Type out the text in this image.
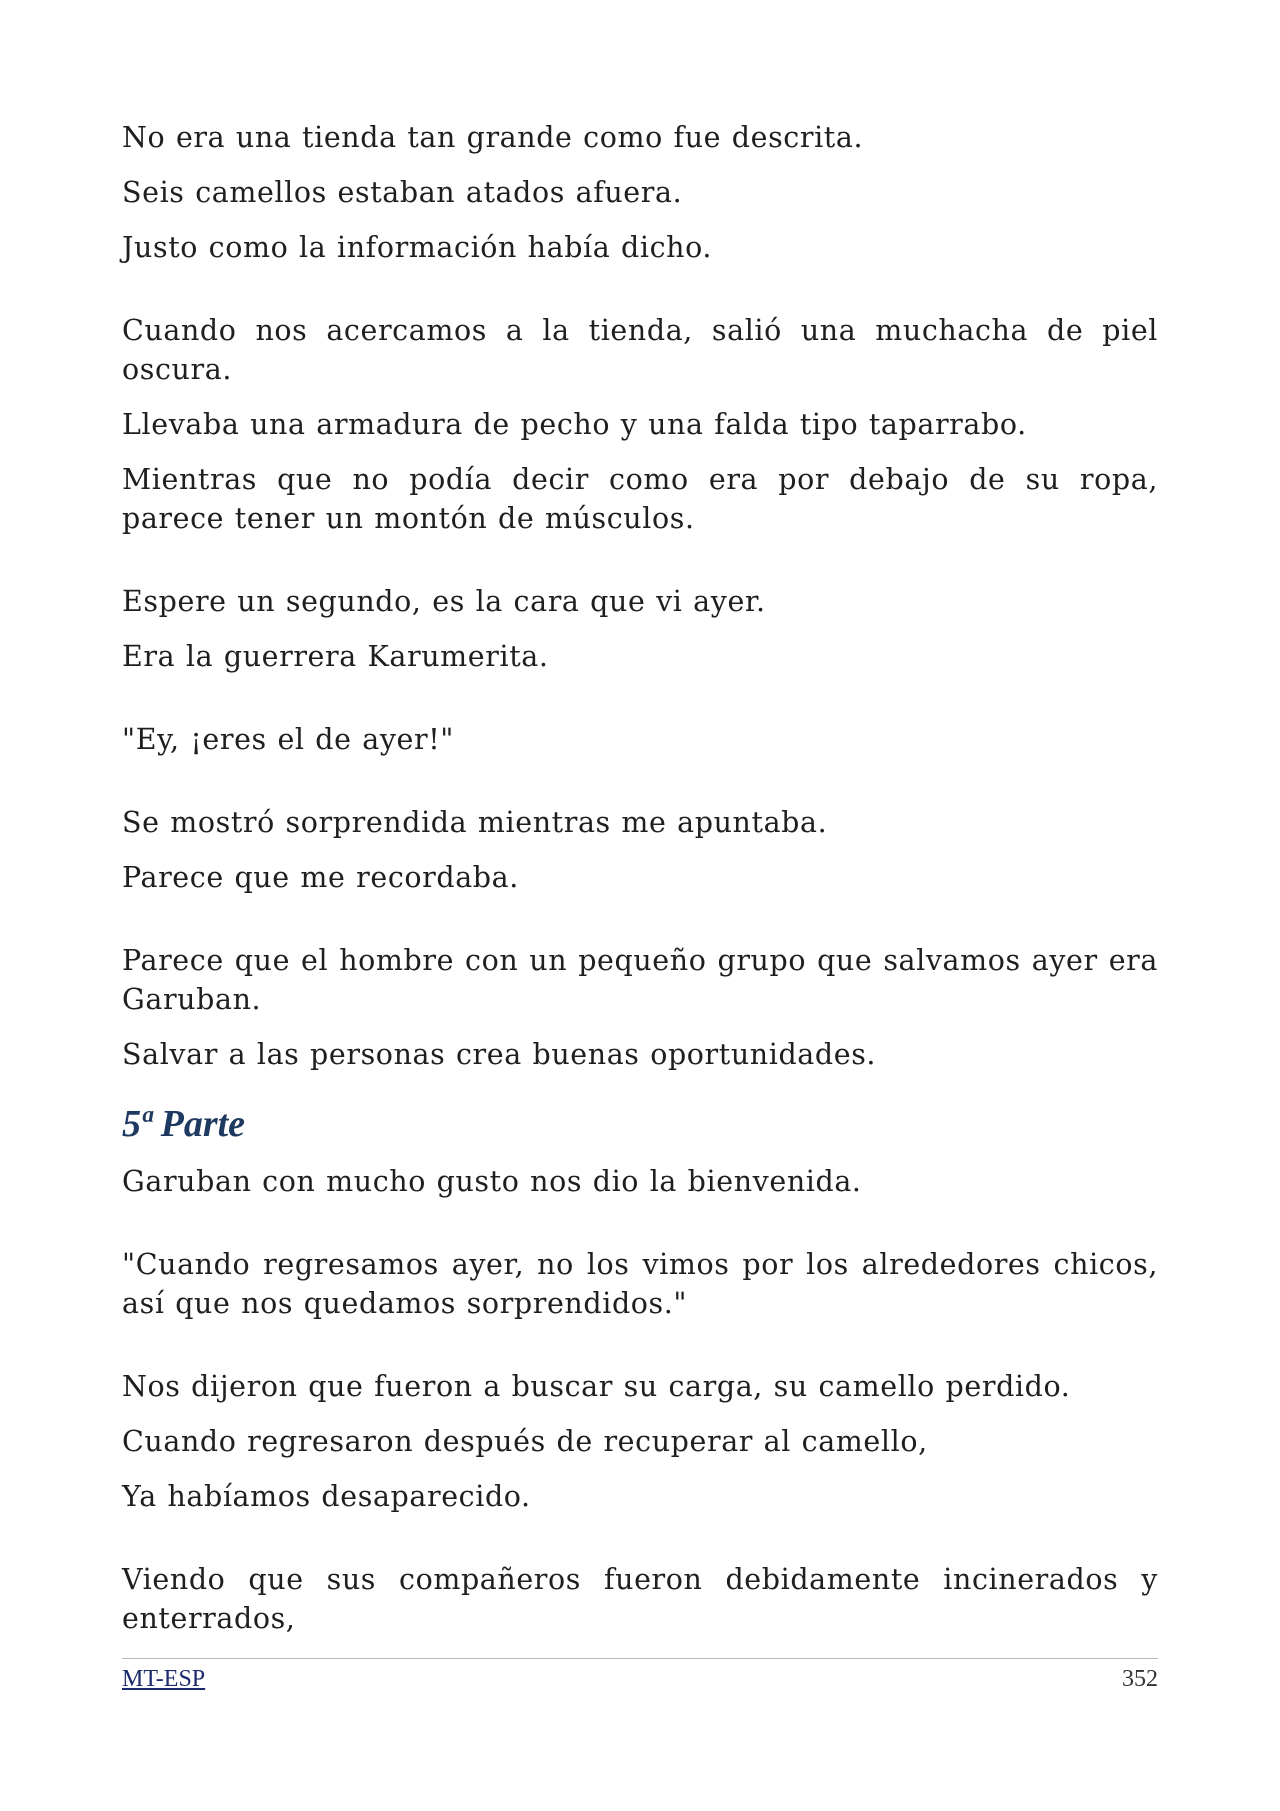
No era una tienda tan grande como fue descrita.

Seis camellos estaban atados afuera.

Justo como la información había dicho.

Cuando nos acercamos a la tienda, salió una muchacha de piel oscura.

Llevaba una armadura de pecho y una falda tipo taparrabo.

Mientras que no podía decir como era por debajo de su ropa, parece tener un montón de músculos.

Espere un segundo, es la cara que vi ayer.

Era la guerrera Karumerita.

"Ey, ¡eres el de ayer!"

Se mostró sorprendida mientras me apuntaba.

Parece que me recordaba.

Parece que el hombre con un pequeño grupo que salvamos ayer era Garuban.

Salvar a las personas crea buenas oportunidades.

5ª Parte

Garuban con mucho gusto nos dio la bienvenida.

"Cuando regresamos ayer, no los vimos por los alrededores chicos, así que nos quedamos sorprendidos."

Nos dijeron que fueron a buscar su carga, su camello perdido.

Cuando regresaron después de recuperar al camello,

Ya habíamos desaparecido.

Viendo que sus compañeros fueron debidamente incinerados y enterrados,

MT-ESP	352
